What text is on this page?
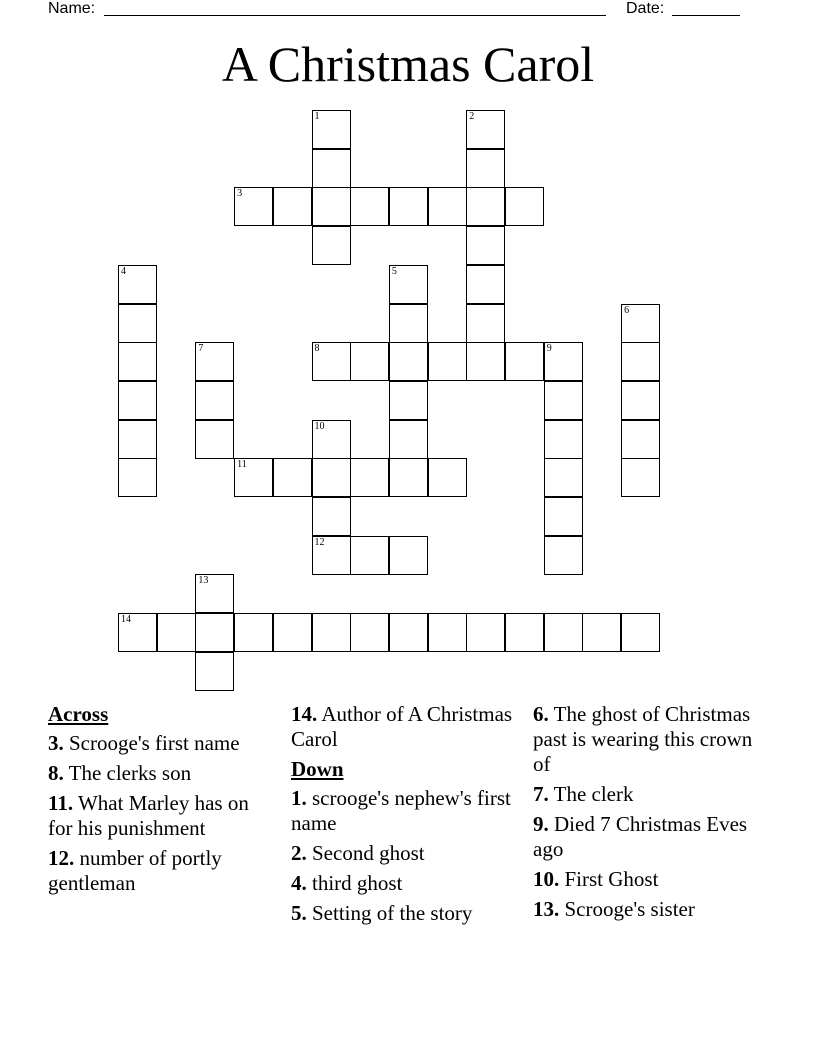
Name:	Date:
A Christmas Carol
1	2
3
4	5
6
7	8	9
10
12
11
13
14
Across
3. Scrooge's first name
8. The clerks son
11. What Marley has on for his punishment
12. number of portly gentleman
14. Author of A Christmas Carol
Down
1. scrooge's nephew's first name
2. Second ghost
4. third ghost
5. Setting of the story
6. The ghost of Christmas past is wearing this crown of
7. The clerk
9. Died 7 Christmas Eves ago
10. First Ghost
13. Scrooge's sister
